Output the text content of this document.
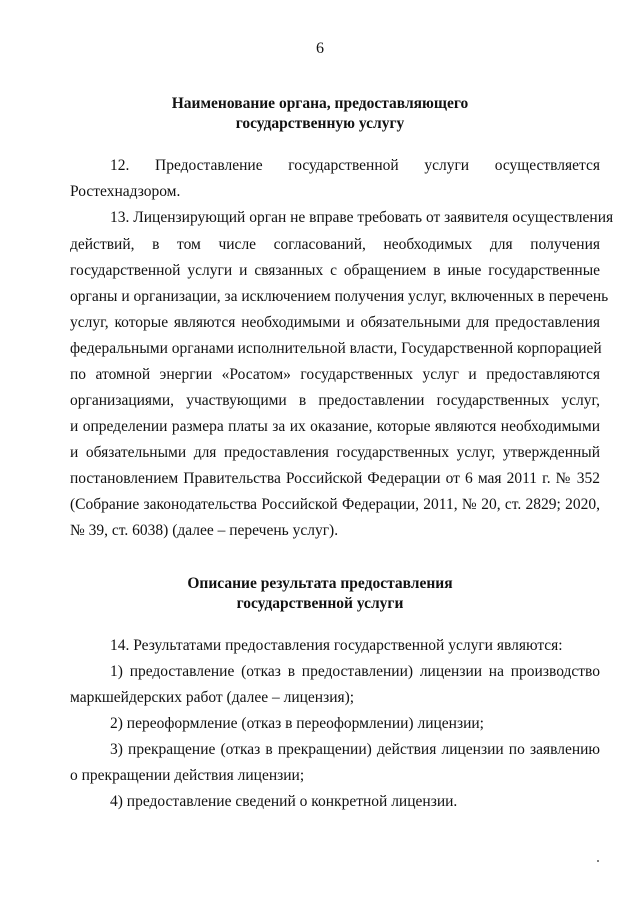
6
Наименование органа, предоставляющего
государственную услугу
12. Предоставление государственной услуги осуществляется
Ростехнадзором.
13. Лицензирующий орган не вправе требовать от заявителя осуществления
действий, в том числе согласований, необходимых для получения
государственной услуги и связанных с обращением в иные государственные
органы и организации, за исключением получения услуг, включенных в перечень
услуг, которые являются необходимыми и обязательными для предоставления
федеральными органами исполнительной власти, Государственной корпорацией
по атомной энергии «Росатом» государственных услуг и предоставляются
организациями, участвующими в предоставлении государственных услуг,
и определении размера платы за их оказание, которые являются необходимыми
и обязательными для предоставления государственных услуг, утвержденный
постановлением Правительства Российской Федерации от 6 мая 2011 г. № 352
(Собрание законодательства Российской Федерации, 2011, № 20, ст. 2829; 2020,
№ 39, ст. 6038) (далее – перечень услуг).
Описание результата предоставления
государственной услуги
14. Результатами предоставления государственной услуги являются:
1) предоставление (отказ в предоставлении) лицензии на производство
маркшейдерских работ (далее – лицензия);
2) переоформление (отказ в переоформлении) лицензии;
3) прекращение (отказ в прекращении) действия лицензии по заявлению
о прекращении действия лицензии;
4) предоставление сведений о конкретной лицензии.
